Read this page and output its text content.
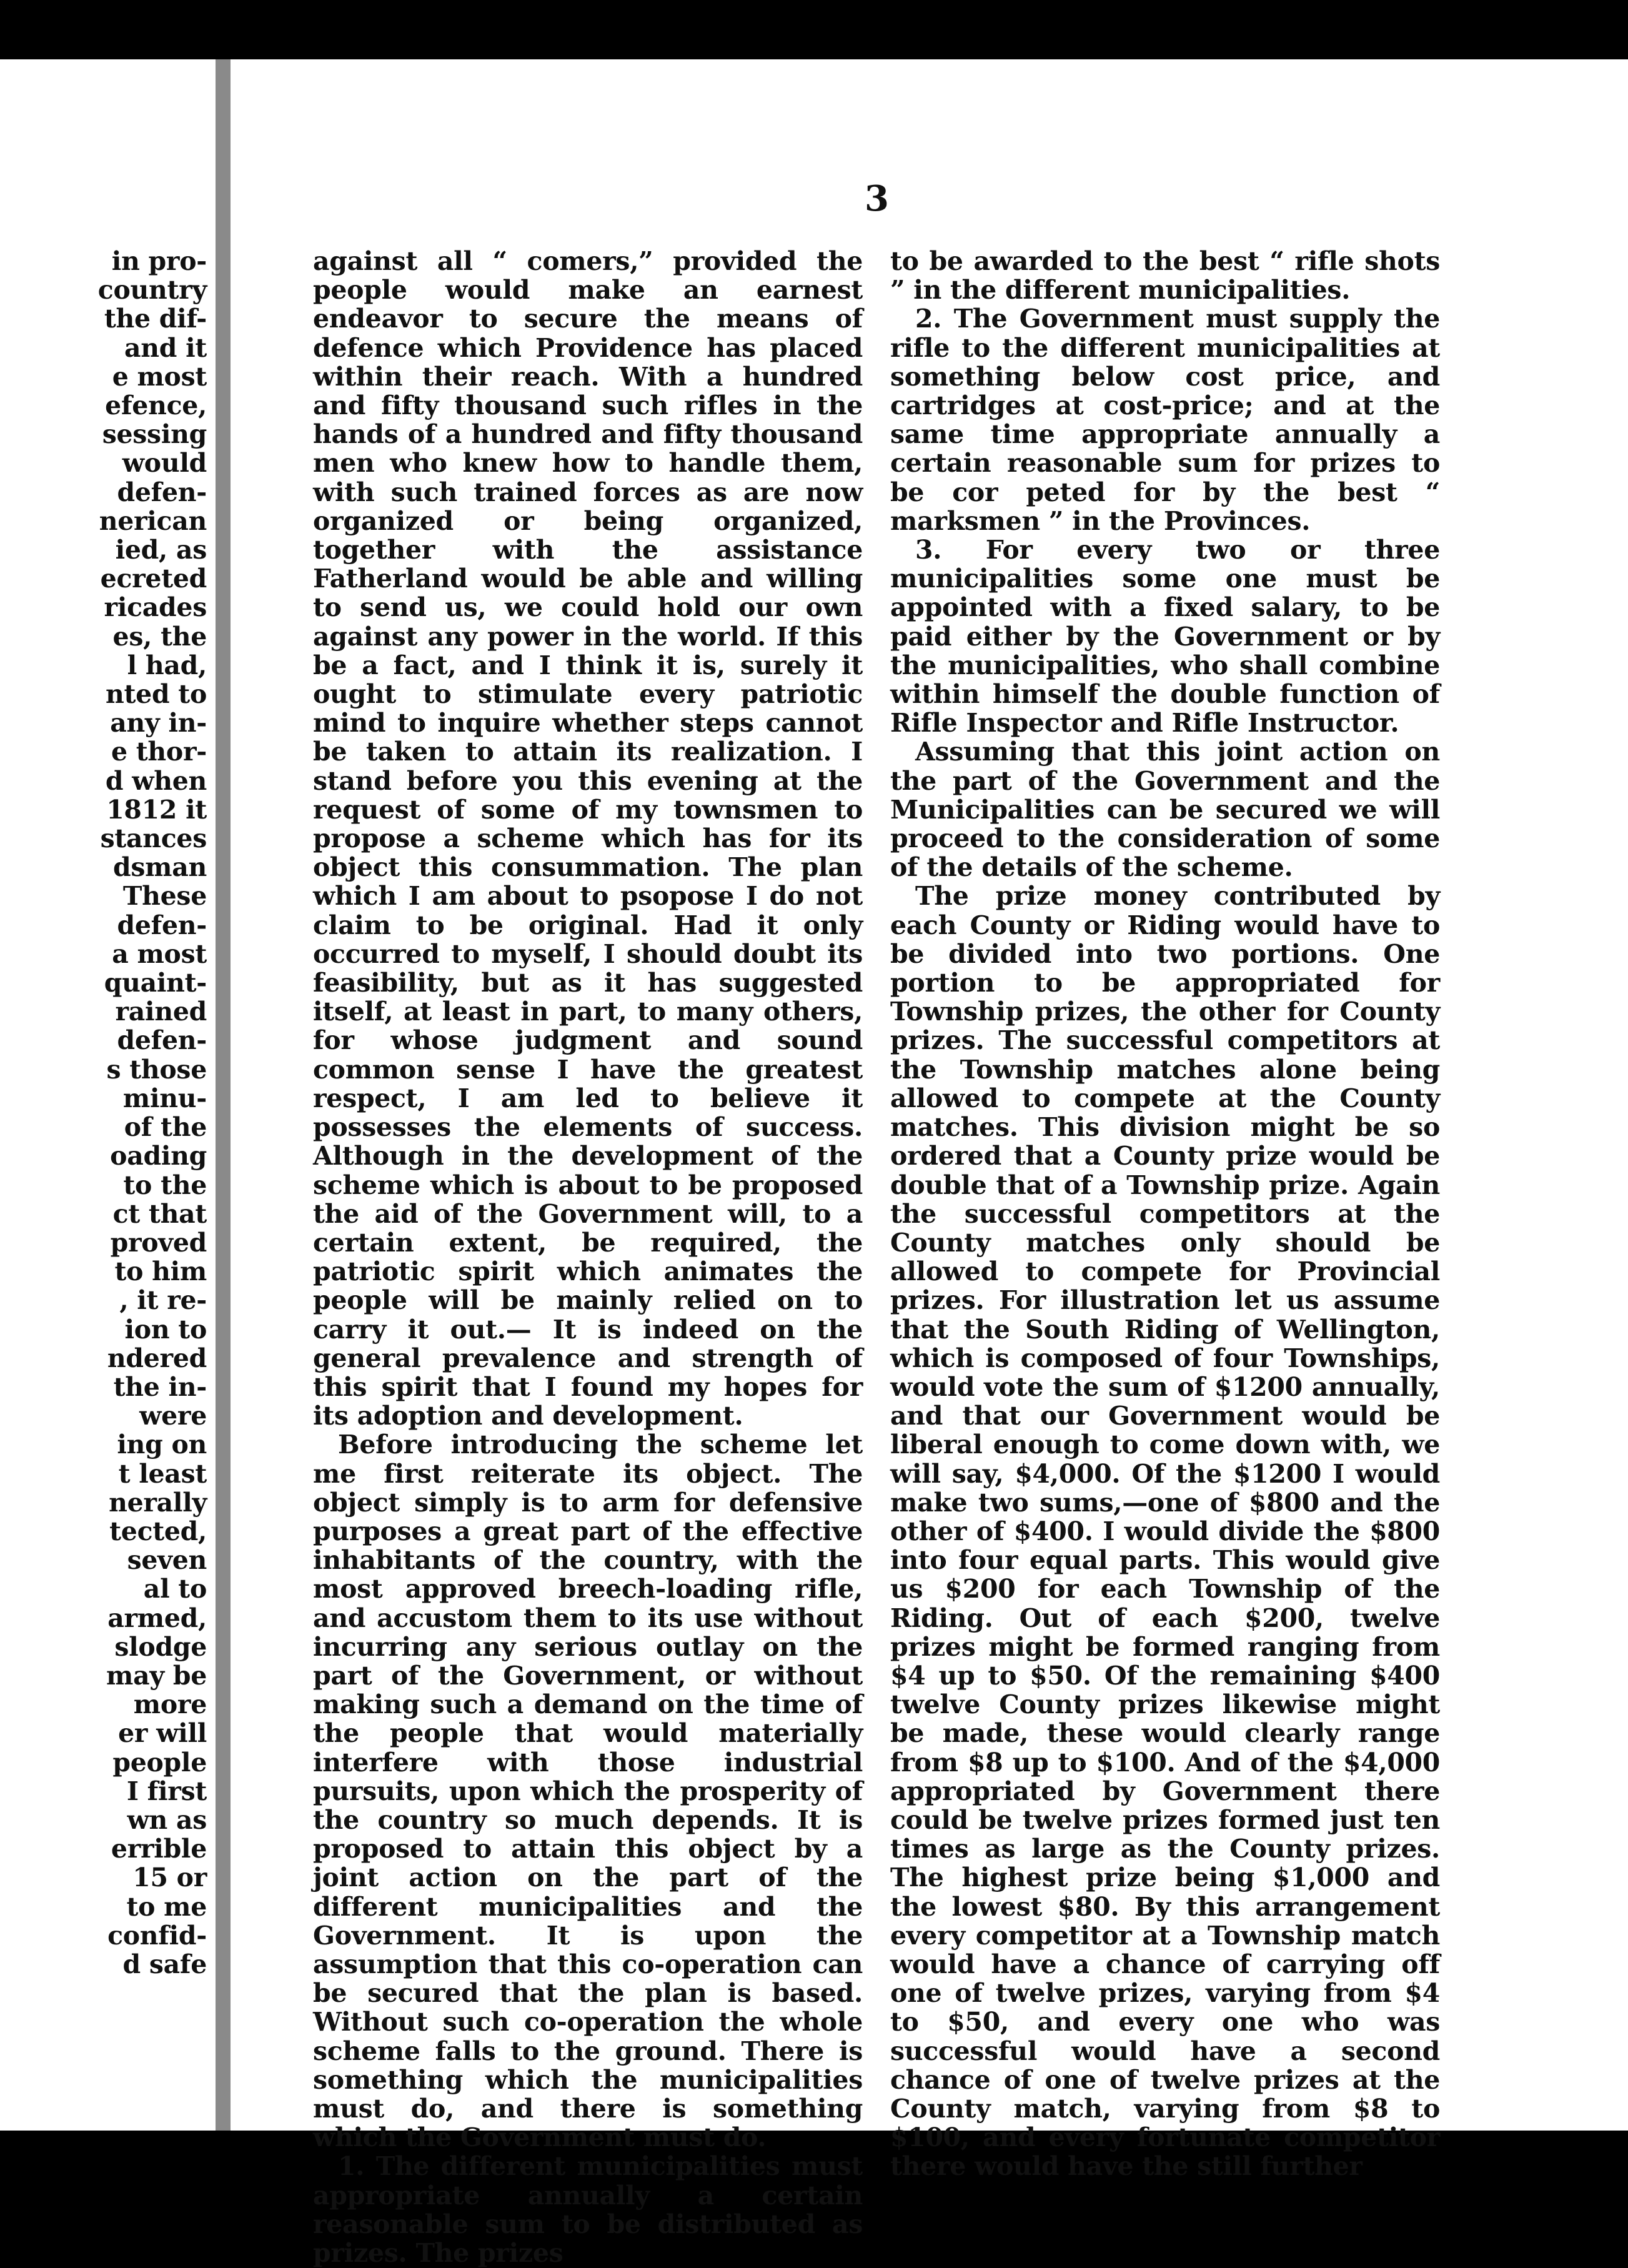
in pro-
country
the dif-
and it
e most
efence,
sessing
would
defen-
nerican
ied, as
ecreted
ricades
es, the
l had,
nted to
any in-
e thor-
d when
1812 it
stances
dsman
These
defen-
a most
quaint-
rained
defen-
s those
minu-
of the
oading
to the
ct that
proved
to him
, it re-
ion to
ndered
the in-
were
ing on
t least
nerally
tected,
seven
al to
armed,
slodge
may be
more
er will
people
I first
wn as
errible
15 or
to me
confid-
d safe
3

against all “ comers,” provided the people would make an earnest endeavor to secure the means of defence which Providence has placed within their reach. With a hundred and fifty thousand such rifles in the hands of a hundred and fifty thousand men who knew how to handle them, with such trained forces as are now organized or being organized, together with the assistance Fatherland would be able and willing to send us, we could hold our own against any power in the world. If this be a fact, and I think it is, surely it ought to stimulate every patriotic mind to inquire whether steps cannot be taken to attain its realization. I stand before you this evening at the request of some of my townsmen to propose a scheme which has for its object this consummation. The plan which I am about to psopose I do not claim to be original. Had it only occurred to myself, I should doubt its feasibility, but as it has suggested itself, at least in part, to many others, for whose judgment and sound common sense I have the greatest respect, I am led to believe it possesses the elements of success. Although in the development of the scheme which is about to be proposed the aid of the Government will, to a certain extent, be required, the patriotic spirit which animates the people will be mainly relied on to carry it out.— It is indeed on the general prevalence and strength of this spirit that I found my hopes for its adoption and development.

Before introducing the scheme let me first reiterate its object. The object simply is to arm for defensive purposes a great part of the effective inhabitants of the country, with the most approved breech-loading rifle, and accustom them to its use without incurring any serious outlay on the part of the Government, or without making such a demand on the time of the people that would materially interfere with those industrial pursuits, upon which the prosperity of the country so much depends. It is proposed to attain this object by a joint action on the part of the different municipalities and the Government. It is upon the assumption that this co-operation can be secured that the plan is based. Without such co-operation the whole scheme falls to the ground. There is something which the municipalities must do, and there is something which the Government must do.

1. The different municipalities must appropriate annually a certain reasonable sum to be distributed as prizes. The prizes

to be awarded to the best “ rifle shots ” in the different municipalities.

2. The Government must supply the rifle to the different municipalities at something below cost price, and cartridges at cost-price; and at the same time appropriate annually a certain reasonable sum for prizes to be cor peted for by the best “ marksmen ” in the Provinces.

3. For every two or three municipalities some one must be appointed with a fixed salary, to be paid either by the Government or by the municipalities, who shall combine within himself the double function of Rifle Inspector and Rifle Instructor.

Assuming that this joint action on the part of the Government and the Municipalities can be secured we will proceed to the consideration of some of the details of the scheme.

The prize money contributed by each County or Riding would have to be divided into two portions. One portion to be appropriated for Township prizes, the other for County prizes. The successful competitors at the Township matches alone being allowed to compete at the County matches. This division might be so ordered that a County prize would be double that of a Township prize. Again the successful competitors at the County matches only should be allowed to compete for Provincial prizes. For illustration let us assume that the South Riding of Wellington, which is composed of four Townships, would vote the sum of $1200 annually, and that our Government would be liberal enough to come down with, we will say, $4,000. Of the $1200 I would make two sums,—one of $800 and the other of $400. I would divide the $800 into four equal parts. This would give us $200 for each Township of the Riding. Out of each $200, twelve prizes might be formed ranging from $4 up to $50. Of the remaining $400 twelve County prizes likewise might be made, these would clearly range from $8 up to $100. And of the $4,000 appropriated by Government there could be twelve prizes formed just ten times as large as the County prizes. The highest prize being $1,000 and the lowest $80. By this arrangement every competitor at a Township match would have a chance of carrying off one of twelve prizes, varying from $4 to $50, and every one who was successful would have a second chance of one of twelve prizes at the County match, varying from $8 to $100, and every fortunate competitor there would have the still further
